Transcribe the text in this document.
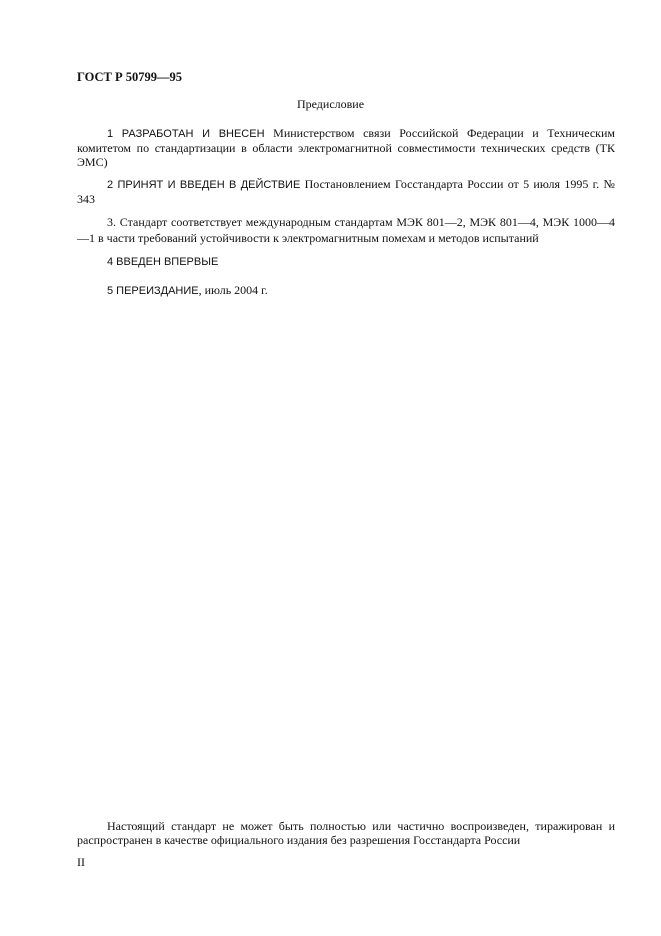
ГОСТ Р 50799—95
Предисловие
1 РАЗРАБОТАН И ВНЕСЕН Министерством связи Российской Федерации и Техническим комитетом по стандартизации в области электромагнитной совместимости технических средств (ТК ЭМС)
2 ПРИНЯТ И ВВЕДЕН В ДЕЙСТВИЕ Постановлением Госстандарта России от 5 июля 1995 г. № 343
3. Стандарт соответствует международным стандартам МЭК 801—2, МЭК 801—4, МЭК 1000—4—1 в части требований устойчивости к электромагнитным помехам и методов испытаний
4 ВВЕДЕН ВПЕРВЫЕ
5 ПЕРЕИЗДАНИЕ, июль 2004 г.
Настоящий стандарт не может быть полностью или частично воспроизведен, тиражирован и распространен в качестве официального издания без разрешения Госстандарта России
II
